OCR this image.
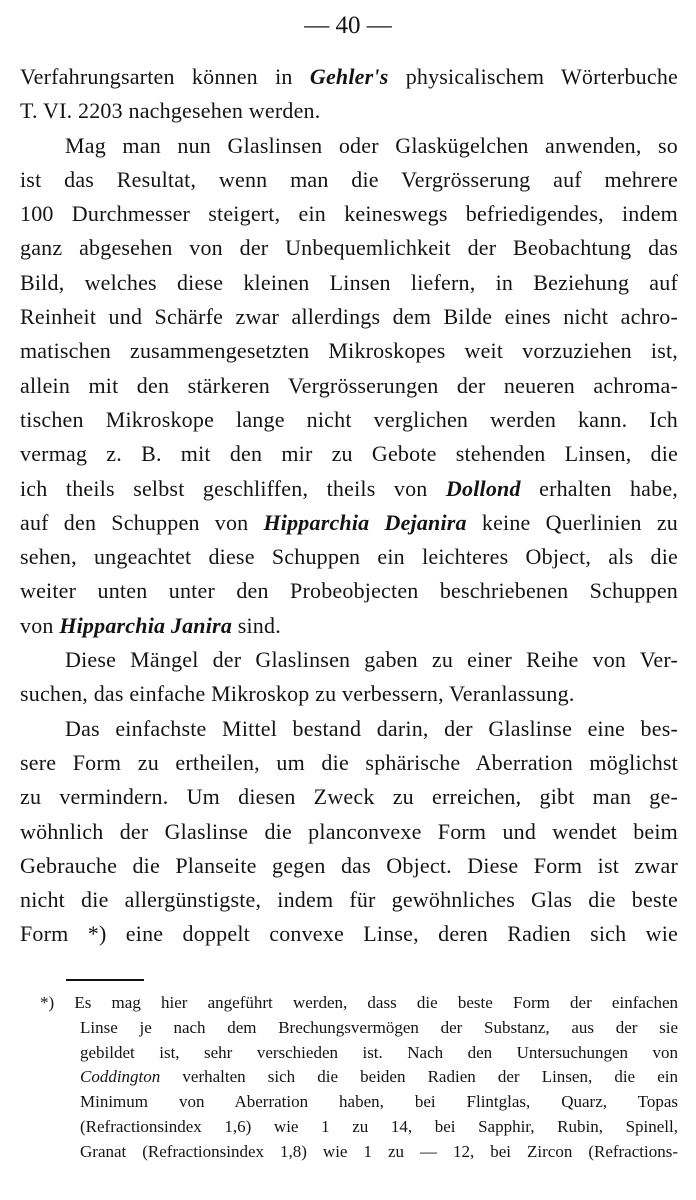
— 40 —
Verfahrungsarten können in Gehler's physicalischem Wörterbuche
T. VI. 2203 nachgesehen werden.
Mag man nun Glaslinsen oder Glaskügelchen anwenden, so
ist das Resultat, wenn man die Vergrösserung auf mehrere
100 Durchmesser steigert, ein keineswegs befriedigendes, indem
ganz abgesehen von der Unbequemlichkeit der Beobachtung das
Bild, welches diese kleinen Linsen liefern, in Beziehung auf
Reinheit und Schärfe zwar allerdings dem Bilde eines nicht achro-
matischen zusammengesetzten Mikroskopes weit vorzuziehen ist,
allein mit den stärkeren Vergrösserungen der neueren achroma-
tischen Mikroskope lange nicht verglichen werden kann. Ich
vermag z. B. mit den mir zu Gebote stehenden Linsen, die
ich theils selbst geschliffen, theils von Dollond erhalten habe,
auf den Schuppen von Hipparchia Dejanira keine Querlinien zu
sehen, ungeachtet diese Schuppen ein leichteres Object, als die
weiter unten unter den Probeobjecten beschriebenen Schuppen
von Hipparchia Janira sind.
Diese Mängel der Glaslinsen gaben zu einer Reihe von Ver-
suchen, das einfache Mikroskop zu verbessern, Veranlassung.
Das einfachste Mittel bestand darin, der Glaslinse eine bes-
sere Form zu ertheilen, um die sphärische Aberration möglichst
zu vermindern. Um diesen Zweck zu erreichen, gibt man ge-
wöhnlich der Glaslinse die planconvexe Form und wendet beim
Gebrauche die Planseite gegen das Object. Diese Form ist zwar
nicht die allergünstigste, indem für gewöhnliches Glas die beste
Form *) eine doppelt convexe Linse, deren Radien sich wie
*) Es mag hier angeführt werden, dass die beste Form der einfachen
Linse je nach dem Brechungsvermögen der Substanz, aus der sie
gebildet ist, sehr verschieden ist. Nach den Untersuchungen von
Coddington verhalten sich die beiden Radien der Linsen, die ein
Minimum von Aberration haben, bei Flintglas, Quarz, Topas
(Refractionsindex 1,6) wie 1 zu 14, bei Sapphir, Rubin, Spinell,
Granat (Refractionsindex 1,8) wie 1 zu — 12, bei Zircon (Refractions-
